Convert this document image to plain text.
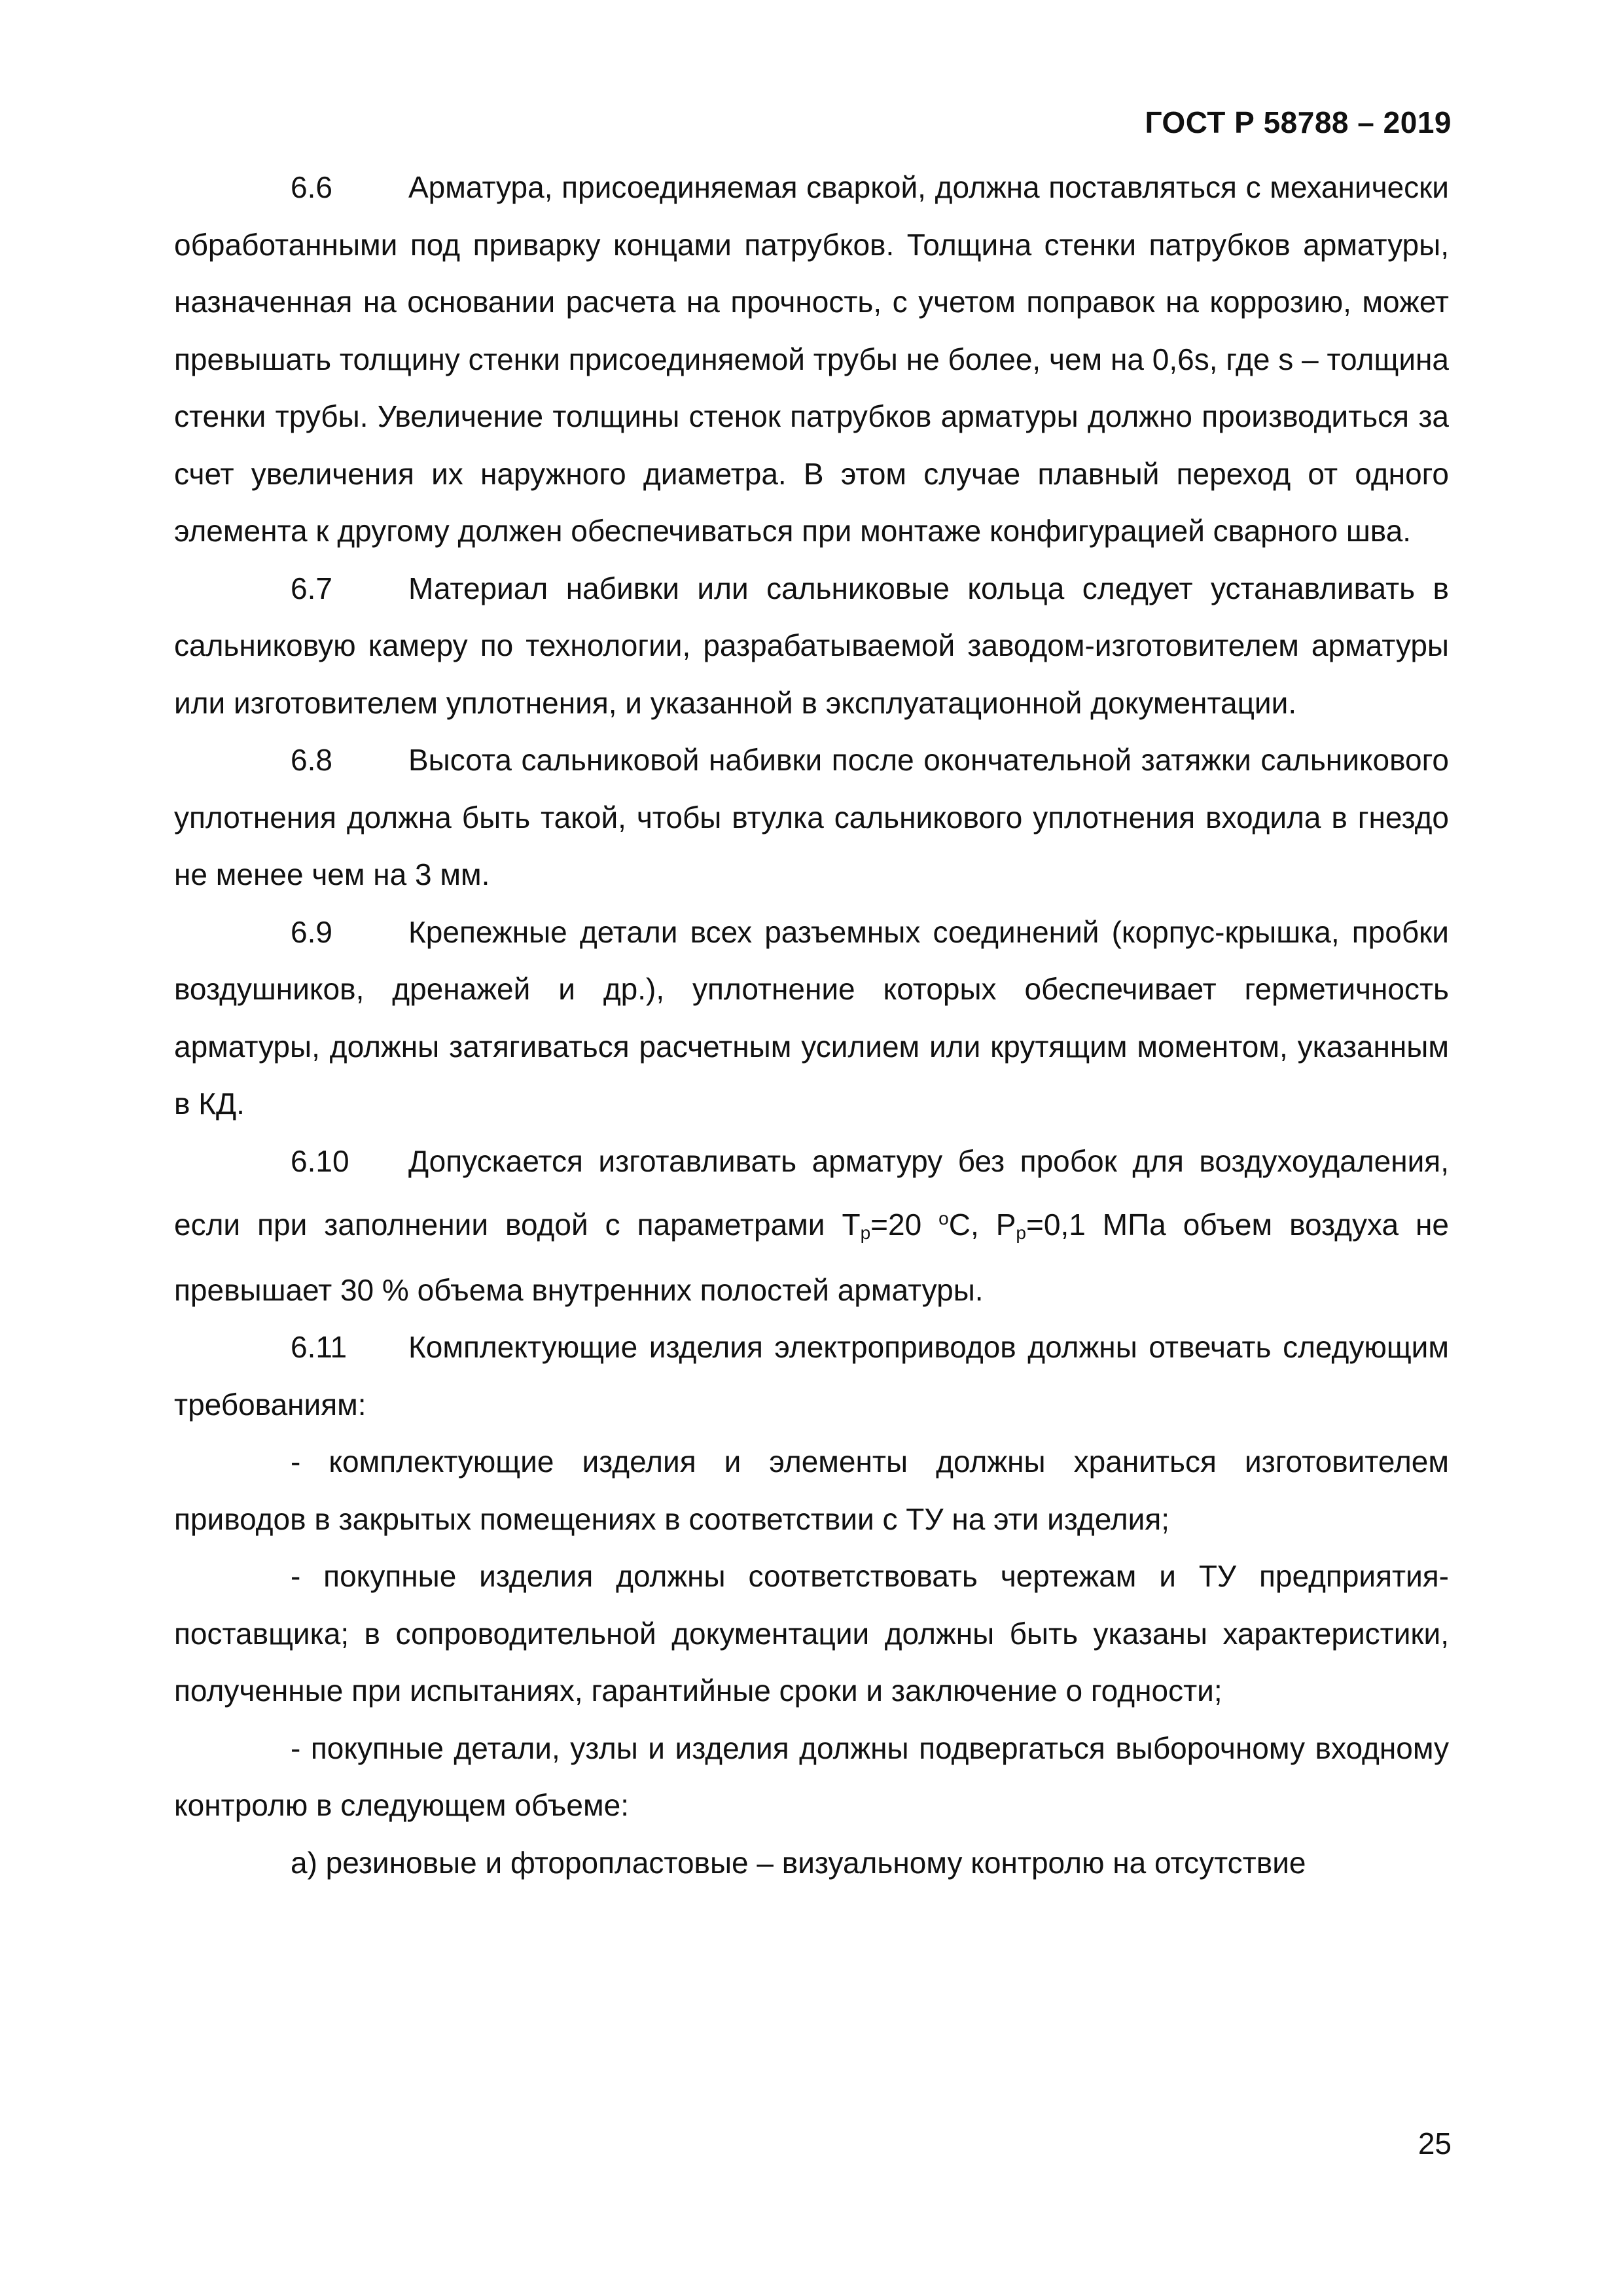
ГОСТ Р 58788 – 2019

6.6	Арматура, присоединяемая сваркой, должна поставляться с механически обработанными под приварку концами патрубков. Толщина стенки патрубков арматуры, назначенная на основании расчета на прочность, с учетом поправок на коррозию, может превышать толщину стенки присоединяемой трубы не более, чем на 0,6s, где s – толщина стенки трубы. Увеличение толщины стенок патрубков арматуры должно производиться за счет увеличения их наружного диаметра. В этом случае плавный переход от одного элемента к другому должен обеспечиваться при монтаже конфигурацией сварного шва.

6.7	Материал набивки или сальниковые кольца следует устанавливать в сальниковую камеру по технологии, разрабатываемой заводом-изготовителем арматуры или изготовителем уплотнения, и указанной в эксплуатационной документации.

6.8	Высота сальниковой набивки после окончательной затяжки сальникового уплотнения должна быть такой, чтобы втулка сальникового уплотнения входила в гнездо не менее чем на 3 мм.

6.9	Крепежные детали всех разъемных соединений (корпус-крышка, пробки воздушников, дренажей и др.), уплотнение которых обеспечивает герметичность арматуры, должны затягиваться расчетным усилием или крутящим моментом, указанным в КД.

6.10 Допускается изготавливать арматуру без пробок для воздухоудаления, если при заполнении водой с параметрами $T_p=20$ $^o$C, $P_p=0,1$ МПа объем воздуха не превышает 30 % объема внутренних полостей арматуры.

6.11 Комплектующие изделия электроприводов должны отвечать следующим требованиям:

- комплектующие изделия и элементы должны храниться изготовителем приводов в закрытых помещениях в соответствии с ТУ на эти изделия;

- покупные изделия должны соответствовать чертежам и ТУ предприятия-поставщика; в сопроводительной документации должны быть указаны характеристики, полученные при испытаниях, гарантийные сроки и заключение о годности;

- покупные детали, узлы и изделия должны подвергаться выборочному входному контролю в следующем объеме:

а) резиновые и фторопластовые – визуальному контролю на отсутствие

25
